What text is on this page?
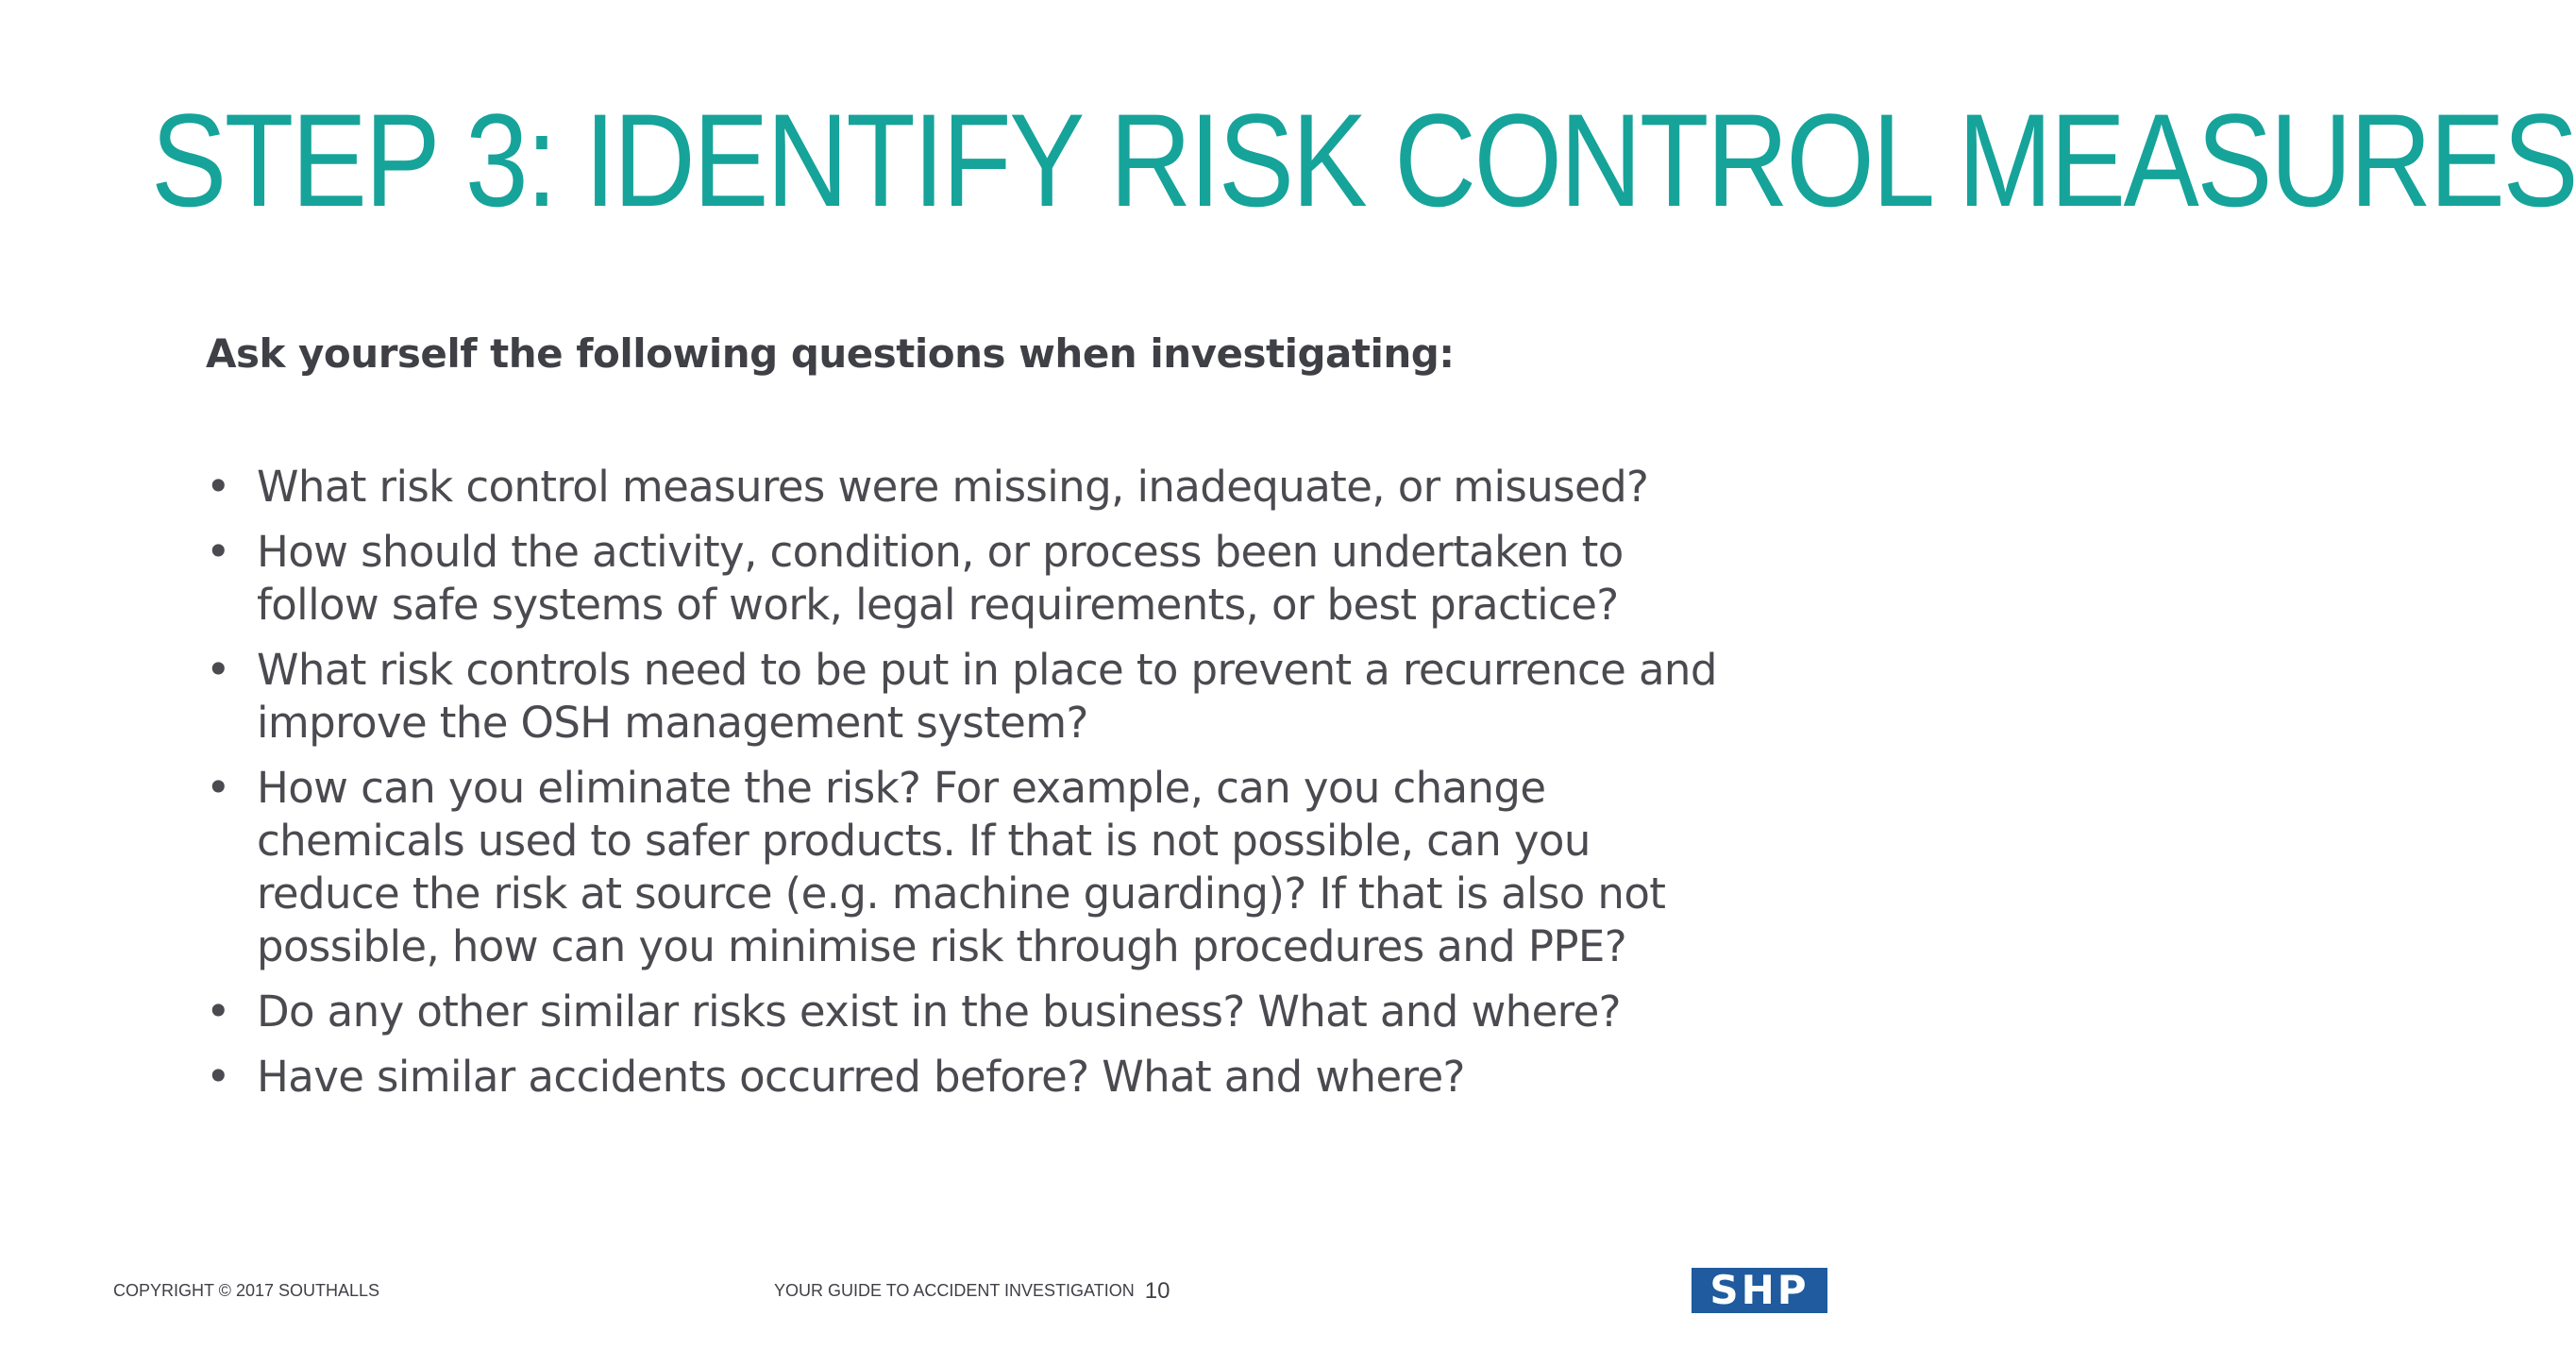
STEP 3: IDENTIFY RISK CONTROL MEASURES

Ask yourself the following questions when investigating:

• What risk control measures were missing, inadequate, or misused?
• How should the activity, condition, or process been undertaken to follow safe systems of work, legal requirements, or best practice?
• What risk controls need to be put in place to prevent a recurrence and improve the OSH management system?
• How can you eliminate the risk? For example, can you change chemicals used to safer products. If that is not possible, can you reduce the risk at source (e.g. machine guarding)? If that is also not possible, how can you minimise risk through procedures and PPE?
• Do any other similar risks exist in the business? What and where?
• Have similar accidents occurred before? What and where?
COPYRIGHT © 2017 SOUTHALLS	YOUR GUIDE TO ACCIDENT INVESTIGATION 10	SHP
